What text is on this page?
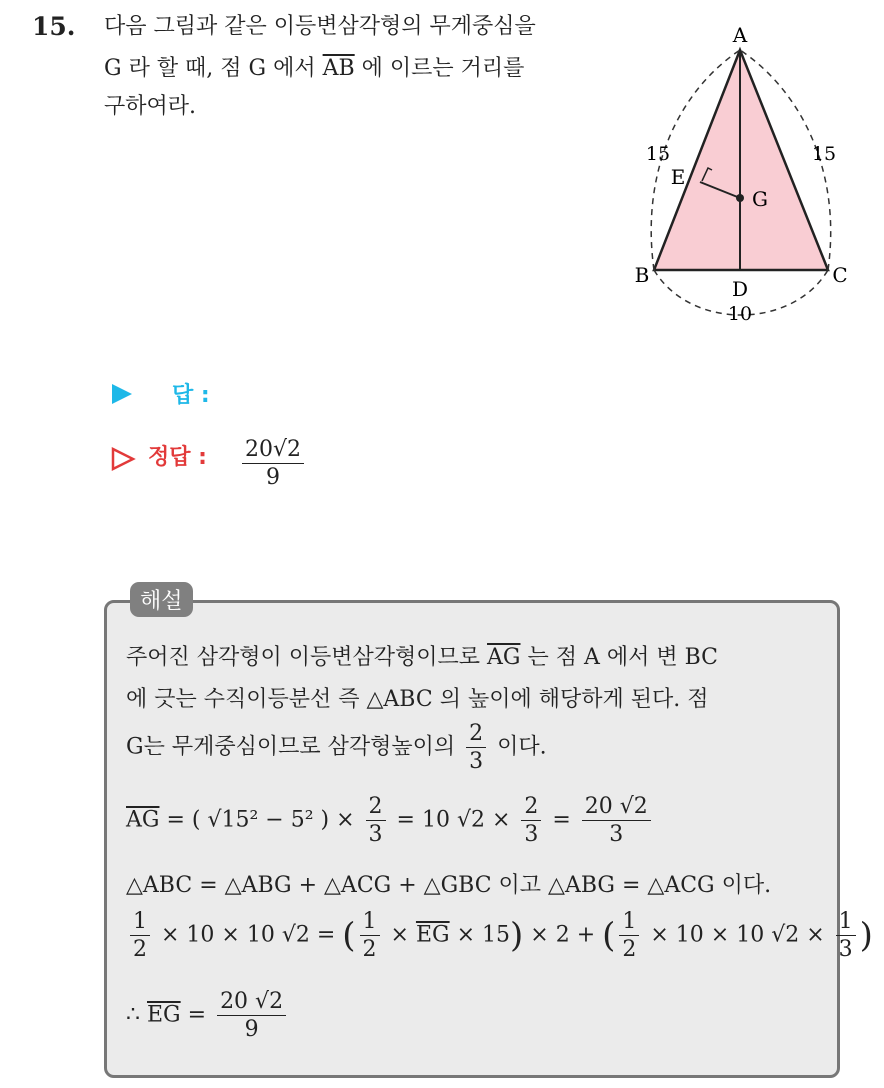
15. 다음 그림과 같은 이등변삼각형의 무게중심을
G 라 할 때, 점 G 에서 $\overline{AB}$ 에 이르는 거리를
구하여라.
A
B	C
D
E
G
15	15
10
답 :
정답 : $\frac{20√2}{9}$
해설
주어진 삼각형이 이등변삼각형이므로 $\overline{AG}$ 는 점 A 에서 변 BC
에 긋는 수직이등분선 즉 △ABC 의 높이에 해당하게 된다. 점
G는 무게중심이므로 삼각형높이의 $\frac{2}{3}$ 이다.
$\overline{AG}$ = ( √15² − 5² ) × $\frac{2}{3} = 10$ $√2 \times \frac{2}{3} = \frac{20 √2}{3}$
△ABC = △ABG + △ACG + △GBC 이고 △ABG = △ACG 이다.
$\frac{1}{2} \times 10 \times 10$ √2 = ( $\frac{1}{2} \times \overline{EG} \times 15) \times 2$ + ( $\frac{1}{2} \times 10 \times 10$ $√2 \times \frac{1}{3}$ )
∴ $\overline{EG} = \frac{20 √2}{9}$
